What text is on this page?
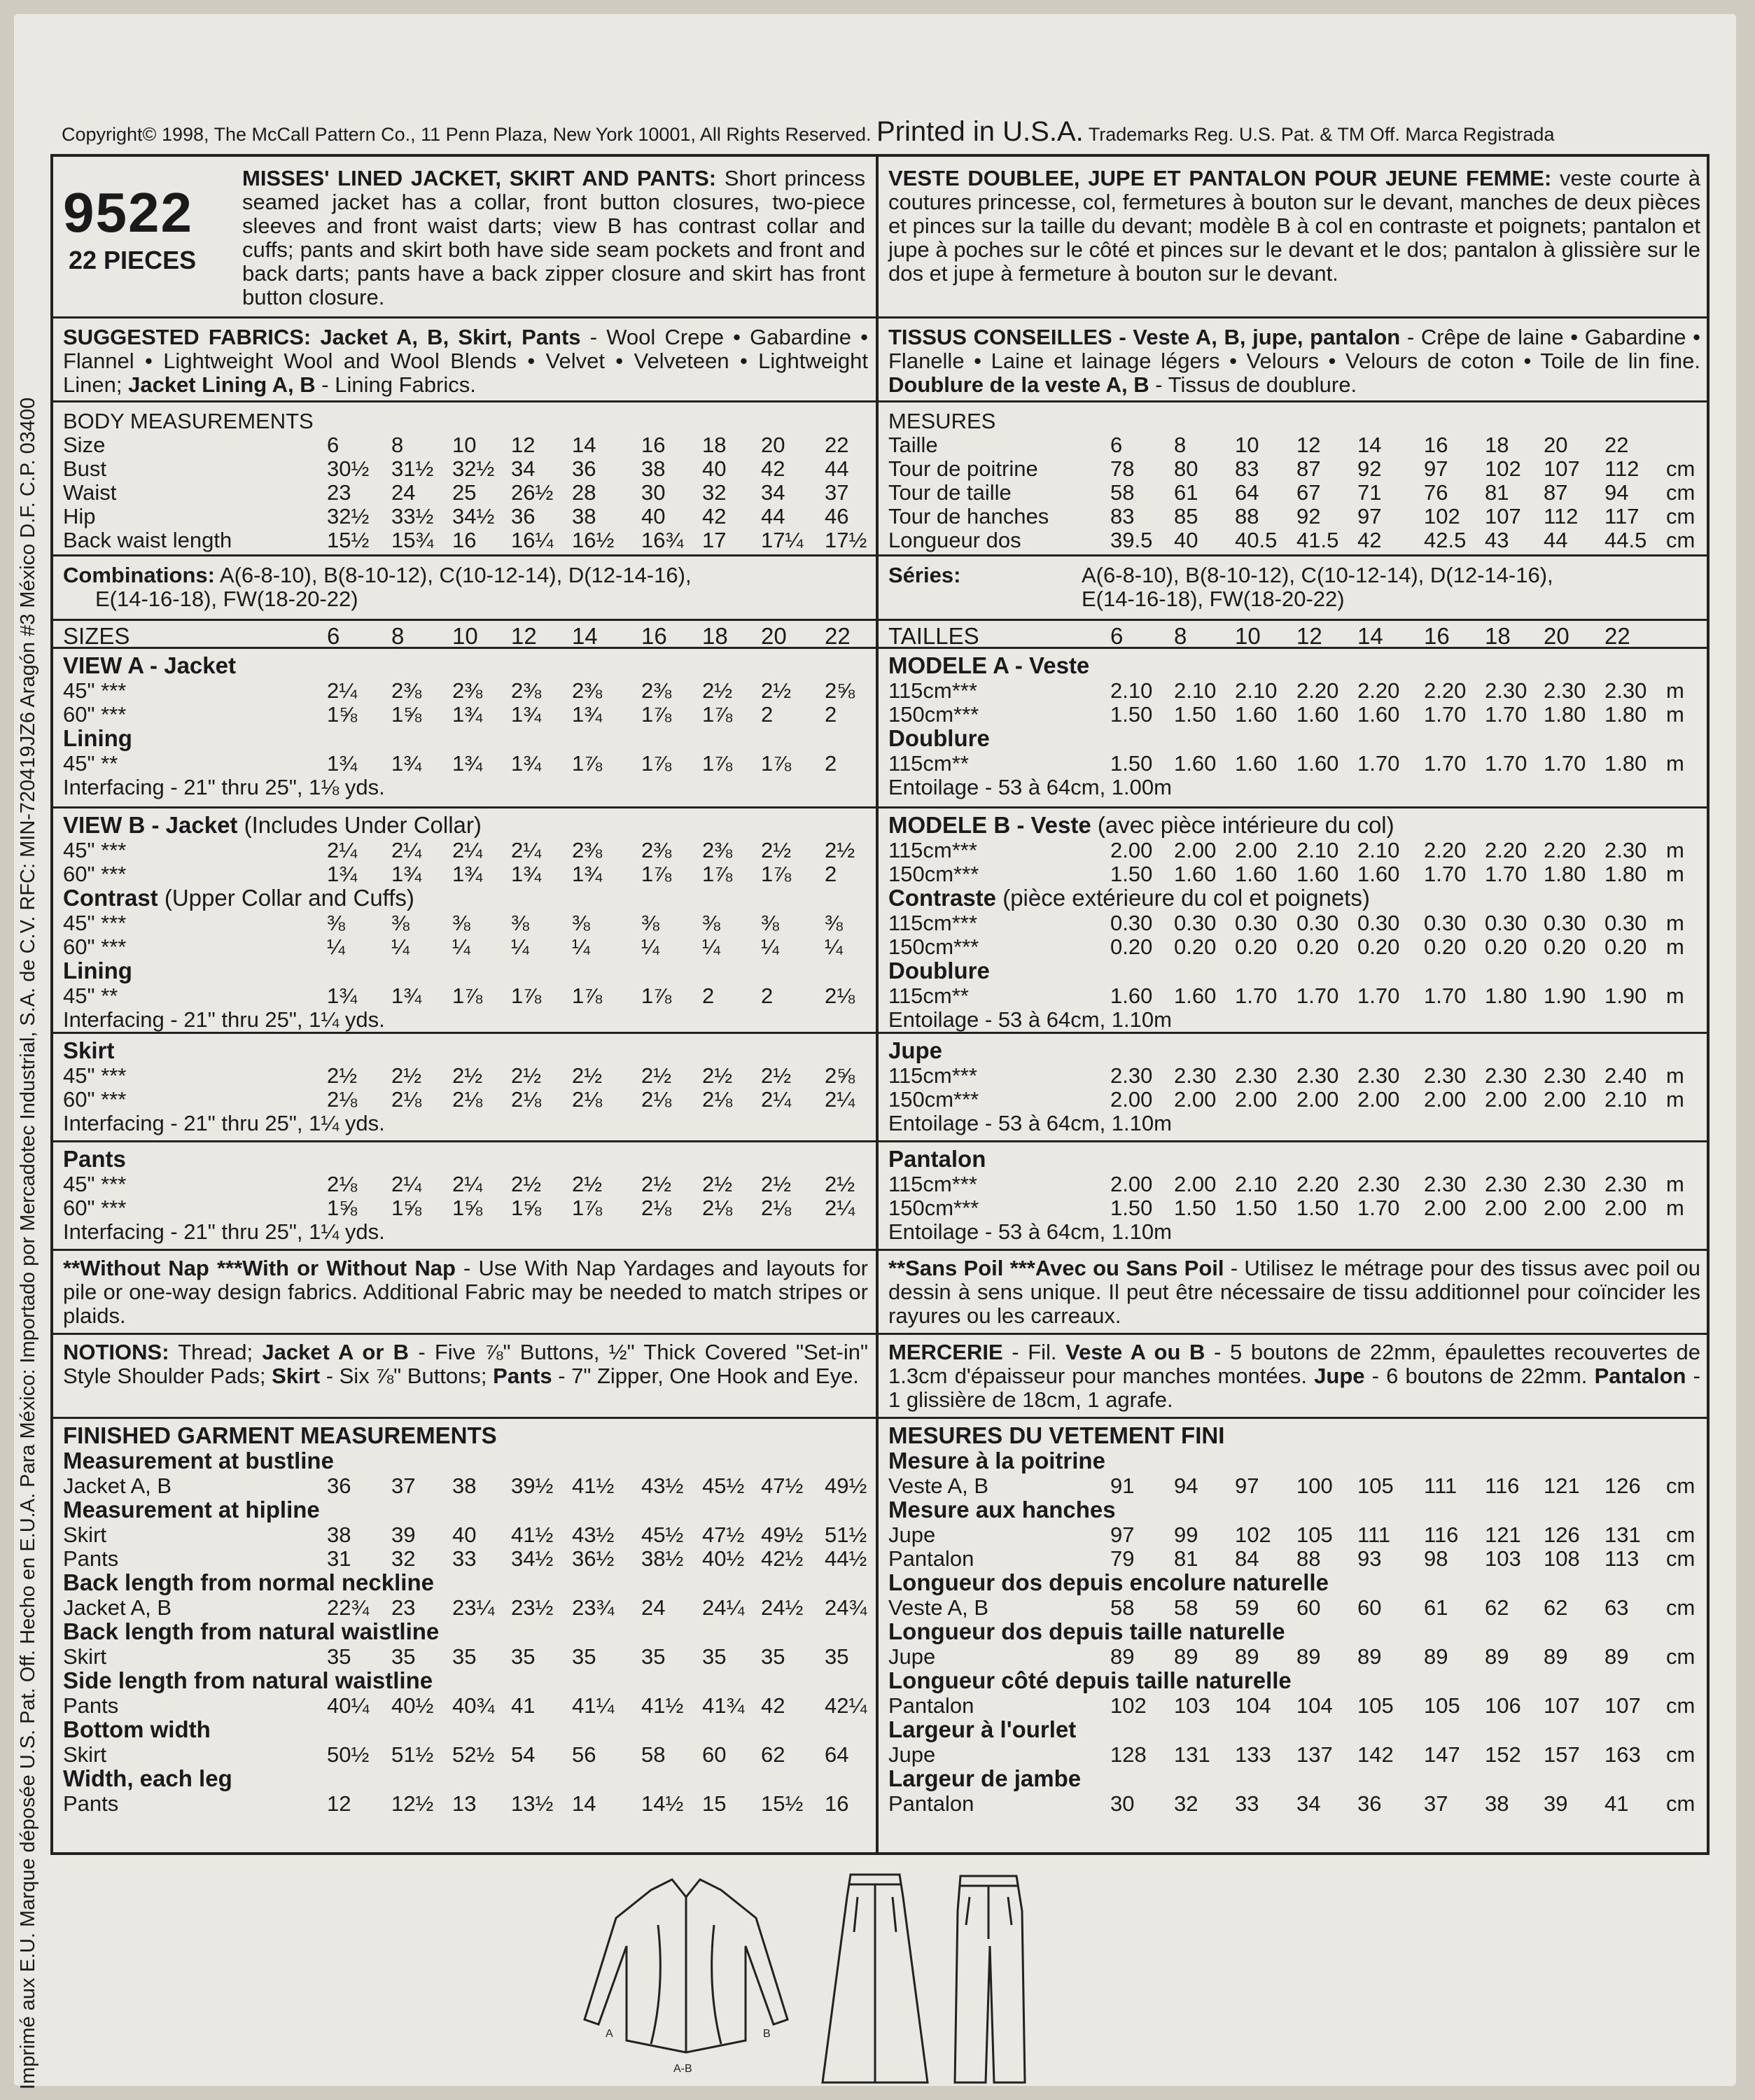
Copyright© 1998, The McCall Pattern Co., 11 Penn Plaza, New York 10001, All Rights Reserved. Printed in U.S.A. Trademarks Reg. U.S. Pat. & TM Off. Marca Registrada
Imprimé aux E.U. Marque déposée U.S. Pat. Off. Hecho en E.U.A. Para México: Importado por Mercadotec Industrial, S.A. de C.V. RFC: MIN-720419JZ6 Aragón #3 México D.F. C.P. 03400
9522
22 PIECES
MISSES' LINED JACKET, SKIRT AND PANTS: Short princess seamed jacket has a collar, front button closures, two-piece sleeves and front waist darts; view B has contrast collar and cuffs; pants and skirt both have side seam pockets and front and back darts; pants have a back zipper closure and skirt has front button closure.
SUGGESTED FABRICS: Jacket A, B, Skirt, Pants - Wool Crepe • Gabardine • Flannel • Lightweight Wool and Wool Blends • Velvet • Velveteen • Lightweight Linen; Jacket Lining A, B - Lining Fabrics.
BODY MEASUREMENTS
Size	6 8 10 12 14 16 18 20 22
Bust	30½ 31½ 32½ 34 36 38 40 42 44
Waist	23 24 25 26½ 28 30 32 34 37
Hip	32½ 33½ 34½ 36 38 40 42 44 46
Back waist length	15½ 15¾ 16 16¼ 16½ 16¾ 17 17¼ 17½
Combinations: A(6-8-10), B(8-10-12), C(10-12-14), D(12-14-16),
E(14-16-18), FW(18-20-22)
SIZES	6 8 10 12 14 16 18 20 22
VIEW A - Jacket
45" ***	2¼ 2⅜ 2⅜ 2⅜ 2⅜ 2⅜ 2½ 2½ 2⅝
60" ***	1⅝ 1⅝ 1¾ 1¾ 1¾ 1⅞ 1⅞ 2 2
Lining
45" **	1¾ 1¾ 1¾ 1¾ 1⅞ 1⅞ 1⅞ 1⅞ 2
Interfacing - 21" thru 25", 1⅛ yds.
VIEW B - Jacket (Includes Under Collar)
45" ***	2¼ 2¼ 2¼ 2¼ 2⅜ 2⅜ 2⅜ 2½ 2½
60" ***	1¾ 1¾ 1¾ 1¾ 1¾ 1⅞ 1⅞ 1⅞ 2
Contrast (Upper Collar and Cuffs)
45" ***	⅜ ⅜ ⅜ ⅜ ⅜ ⅜ ⅜ ⅜ ⅜
60" ***	¼ ¼ ¼ ¼ ¼ ¼ ¼ ¼ ¼
Lining
45" **	1¾ 1¾ 1⅞ 1⅞ 1⅞ 1⅞ 2 2 2⅛
Interfacing - 21" thru 25", 1¼ yds.
Skirt
45" ***	2½ 2½ 2½ 2½ 2½ 2½ 2½ 2½ 2⅝
60" ***	2⅛ 2⅛ 2⅛ 2⅛ 2⅛ 2⅛ 2⅛ 2¼ 2¼
Interfacing - 21" thru 25", 1¼ yds.
Pants
45" ***	2⅛ 2¼ 2¼ 2½ 2½ 2½ 2½ 2½ 2½
60" ***	1⅝ 1⅝ 1⅝ 1⅝ 1⅞ 2⅛ 2⅛ 2⅛ 2¼
Interfacing - 21" thru 25", 1¼ yds.
**Without Nap ***With or Without Nap - Use With Nap Yardages and layouts for pile or one-way design fabrics. Additional Fabric may be needed to match stripes or plaids.
NOTIONS: Thread; Jacket A or B - Five ⅞" Buttons, ½" Thick Covered "Set-in" Style Shoulder Pads; Skirt - Six ⅞" Buttons; Pants - 7" Zipper, One Hook and Eye.
FINISHED GARMENT MEASUREMENTS
Measurement at bustline
Jacket A, B	36 37 38 39½ 41½ 43½ 45½ 47½ 49½
Measurement at hipline
Skirt	38 39 40 41½ 43½ 45½ 47½ 49½ 51½
Pants	31 32 33 34½ 36½ 38½ 40½ 42½ 44½
Back length from normal neckline
Jacket A, B	22¾ 23 23¼ 23½ 23¾ 24 24¼ 24½ 24¾
Back length from natural waistline
Skirt	35 35 35 35 35 35 35 35 35
Side length from natural waistline
Pants	40¼ 40½ 40¾ 41 41¼ 41½ 41¾ 42 42¼
Bottom width
Skirt	50½ 51½ 52½ 54 56 58 60 62 64
Width, each leg
Pants	12 12½ 13 13½ 14 14½ 15 15½ 16
VESTE DOUBLEE, JUPE ET PANTALON POUR JEUNE FEMME: veste courte à coutures princesse, col, fermetures à bouton sur le devant, manches de deux pièces et pinces sur la taille du devant; modèle B à col en contraste et poignets; pantalon et jupe à poches sur le côté et pinces sur le devant et le dos; pantalon à glissière sur le dos et jupe à fermeture à bouton sur le devant.
TISSUS CONSEILLES - Veste A, B, jupe, pantalon - Crêpe de laine • Gabardine • Flanelle • Laine et lainage légers • Velours • Velours de coton • Toile de lin fine. Doublure de la veste A, B - Tissus de doublure.
MESURES
Taille	6 8 10 12 14 16 18 20 22
Tour de poitrine	78 80 83 87 92 97 102 107 112 cm
Tour de taille	58 61 64 67 71 76 81 87 94 cm
Tour de hanches	83 85 88 92 97 102 107 112 117 cm
Longueur dos	39.5 40 40.5 41.5 42 42.5 43 44 44.5 cm
Séries:	A(6-8-10), B(8-10-12), C(10-12-14), D(12-14-16),
E(14-16-18), FW(18-20-22)
TAILLES	6 8 10 12 14 16 18 20 22
MODELE A - Veste
115cm***	2.10 2.10 2.10 2.20 2.20 2.20 2.30 2.30 2.30 m
150cm***	1.50 1.50 1.60 1.60 1.60 1.70 1.70 1.80 1.80 m
Doublure
115cm**	1.50 1.60 1.60 1.60 1.70 1.70 1.70 1.70 1.80 m
Entoilage - 53 à 64cm, 1.00m
MODELE B - Veste (avec pièce intérieure du col)
115cm***	2.00 2.00 2.00 2.10 2.10 2.20 2.20 2.20 2.30 m
150cm***	1.50 1.60 1.60 1.60 1.60 1.70 1.70 1.80 1.80 m
Contraste (pièce extérieure du col et poignets)
115cm***	0.30 0.30 0.30 0.30 0.30 0.30 0.30 0.30 0.30 m
150cm***	0.20 0.20 0.20 0.20 0.20 0.20 0.20 0.20 0.20 m
Doublure
115cm**	1.60 1.60 1.70 1.70 1.70 1.70 1.80 1.90 1.90 m
Entoilage - 53 à 64cm, 1.10m
Jupe
115cm***	2.30 2.30 2.30 2.30 2.30 2.30 2.30 2.30 2.40 m
150cm***	2.00 2.00 2.00 2.00 2.00 2.00 2.00 2.00 2.10 m
Entoilage - 53 à 64cm, 1.10m
Pantalon
115cm***	2.00 2.00 2.10 2.20 2.30 2.30 2.30 2.30 2.30 m
150cm***	1.50 1.50 1.50 1.50 1.70 2.00 2.00 2.00 2.00 m
Entoilage - 53 à 64cm, 1.10m
**Sans Poil ***Avec ou Sans Poil - Utilisez le métrage pour des tissus avec poil ou dessin à sens unique. Il peut être nécessaire de tissu additionnel pour coïncider les rayures ou les carreaux.
MERCERIE - Fil. Veste A ou B - 5 boutons de 22mm, épaulettes recouvertes de 1.3cm d'épaisseur pour manches montées. Jupe - 6 boutons de 22mm. Pantalon - 1 glissière de 18cm, 1 agrafe.
MESURES DU VETEMENT FINI
Mesure à la poitrine
Veste A, B	91 94 97 100 105 111 116 121 126 cm
Mesure aux hanches
Jupe	97 99 102 105 111 116 121 126 131 cm
Pantalon	79 81 84 88 93 98 103 108 113 cm
Longueur dos depuis encolure naturelle
Veste A, B	58 58 59 60 60 61 62 62 63 cm
Longueur dos depuis taille naturelle
Jupe	89 89 89 89 89 89 89 89 89 cm
Longueur côté depuis taille naturelle
Pantalon	102 103 104 104 105 105 106 107 107 cm
Largeur à l'ourlet
Jupe	128 131 133 137 142 147 152 157 163 cm
Largeur de jambe
Pantalon	30 32 33 34 36 37 38 39 41 cm
A	B
A-B
